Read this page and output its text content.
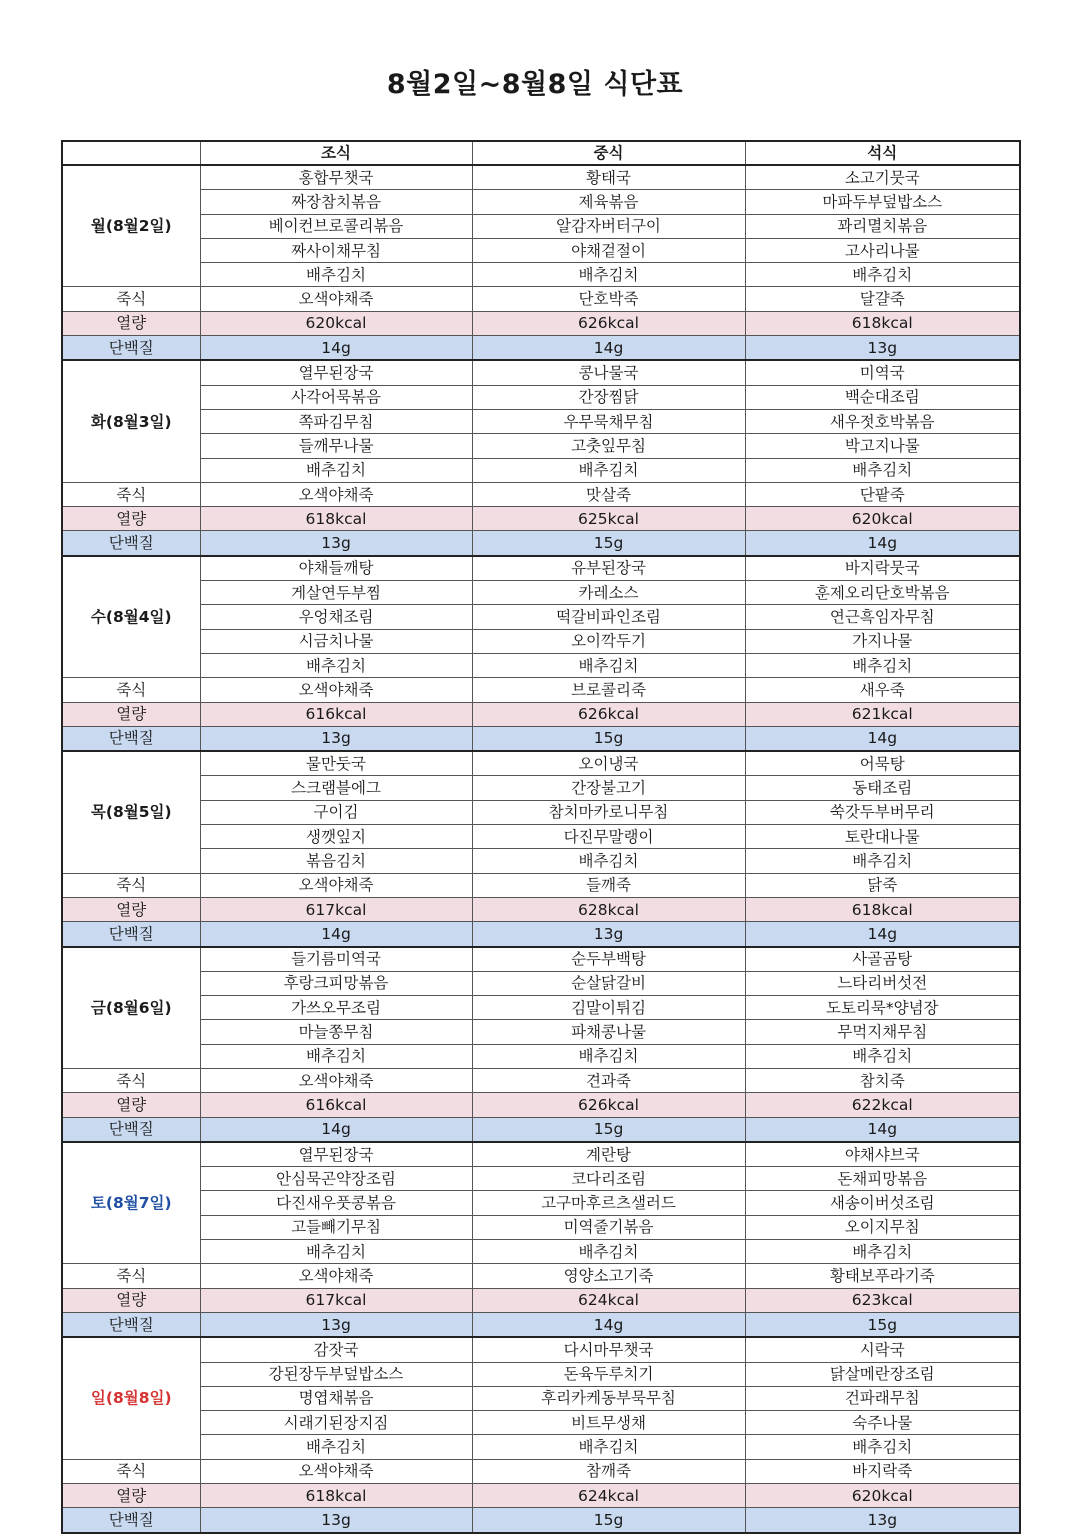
8월2일~8월8일 식단표
	조식	중식	석식
월(8월2일)	홍합무챗국	황태국	소고기뭇국
	짜장참치볶음	제육볶음	마파두부덮밥소스
	베이컨브로콜리볶음	알감자버터구이	꽈리멸치볶음
	짜사이채무침	야채겉절이	고사리나물
	배추김치	배추김치	배추김치
죽식	오색야채죽	단호박죽	달걀죽
열량	620kcal	626kcal	618kcal
단백질	14g	14g	13g
화(8월3일)	열무된장국	콩나물국	미역국
	사각어묵볶음	간장찜닭	백순대조림
	쪽파김무침	우무묵채무침	새우젓호박볶음
	들깨무나물	고춧잎무침	박고지나물
	배추김치	배추김치	배추김치
죽식	오색야채죽	맛살죽	단팥죽
열량	618kcal	625kcal	620kcal
단백질	13g	15g	14g
수(8월4일)	야채들깨탕	유부된장국	바지락뭇국
	게살연두부찜	카레소스	훈제오리단호박볶음
	우엉채조림	떡갈비파인조림	연근흑임자무침
	시금치나물	오이깍두기	가지나물
	배추김치	배추김치	배추김치
죽식	오색야채죽	브로콜리죽	새우죽
열량	616kcal	626kcal	621kcal
단백질	13g	15g	14g
목(8월5일)	물만둣국	오이냉국	어묵탕
	스크램블에그	간장불고기	동태조림
	구이김	참치마카로니무침	쑥갓두부버무리
	생깻잎지	다진무말랭이	토란대나물
	볶음김치	배추김치	배추김치
죽식	오색야채죽	들깨죽	닭죽
열량	617kcal	628kcal	618kcal
단백질	14g	13g	14g
금(8월6일)	들기름미역국	순두부백탕	사골곰탕
	후랑크피망볶음	순살닭갈비	느타리버섯전
	가쓰오무조림	김말이튀김	도토리묵*양념장
	마늘쫑무침	파채콩나물	무먹지채무침
	배추김치	배추김치	배추김치
죽식	오색야채죽	견과죽	참치죽
열량	616kcal	626kcal	622kcal
단백질	14g	15g	14g
토(8월7일)	열무된장국	계란탕	야채샤브국
	안심묵곤약장조림	코다리조림	돈채피망볶음
	다진새우풋콩볶음	고구마후르츠샐러드	새송이버섯조림
	고들빼기무침	미역줄기볶음	오이지무침
	배추김치	배추김치	배추김치
죽식	오색야채죽	영양소고기죽	황태보푸라기죽
열량	617kcal	624kcal	623kcal
단백질	13g	14g	15g
일(8월8일)	감잣국	다시마무챗국	시락국
	강된장두부덮밥소스	돈육두루치기	닭살메란장조림
	명엽채볶음	후리카케동부묵무침	건파래무침
	시래기된장지짐	비트무생채	숙주나물
	배추김치	배추김치	배추김치
죽식	오색야채죽	참깨죽	바지락죽
열량	618kcal	624kcal	620kcal
단백질	13g	15g	13g
